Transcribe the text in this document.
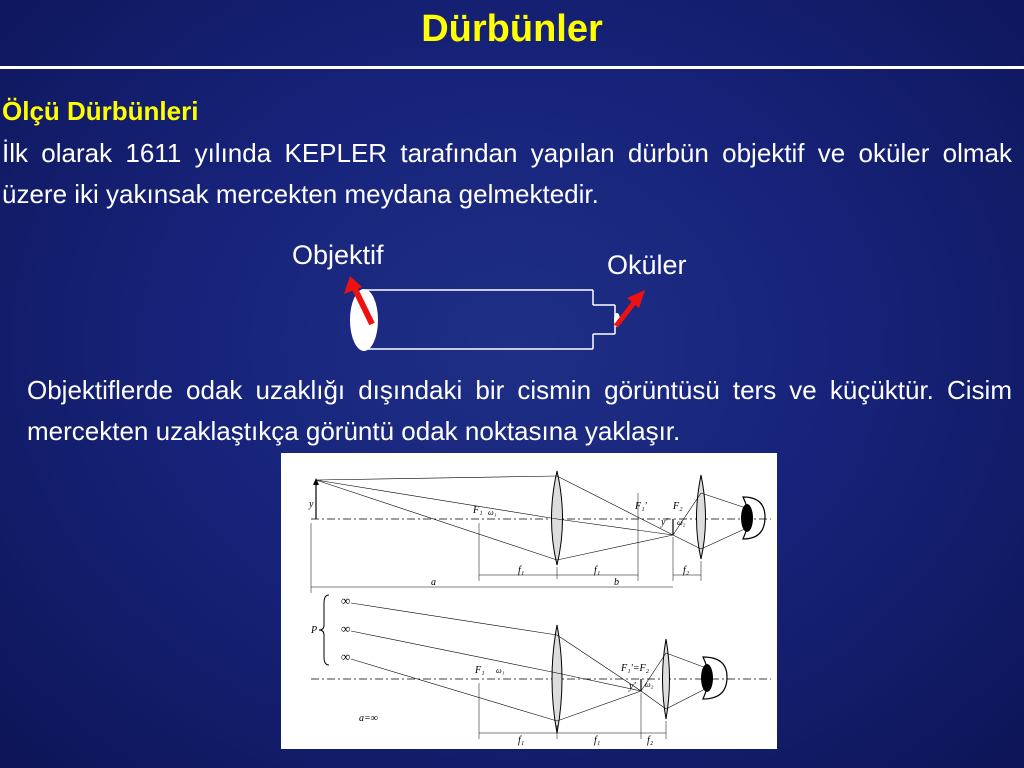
Dürbünler
Ölçü Dürbünleri
İlk olarak 1611 yılında KEPLER tarafından yapılan dürbün objektif ve oküler olmak üzere iki yakınsak mercekten meydana gelmektedir.
Objektif	Oküler
Objektiflerde odak uzaklığı dışındaki bir cismin görüntüsü ters ve küçüktür. Cisim mercekten uzaklaştıkça görüntü odak noktasına yaklaşır.
y
F₁ ω₁
F₁'	F₂
y' ω₂
f₁	f₁	f₂
a	b
P
∞
∞
∞
F₁ ω₁	F₁'=F₂
y' ω₂
a=∞
f₁	f₁	f₂
